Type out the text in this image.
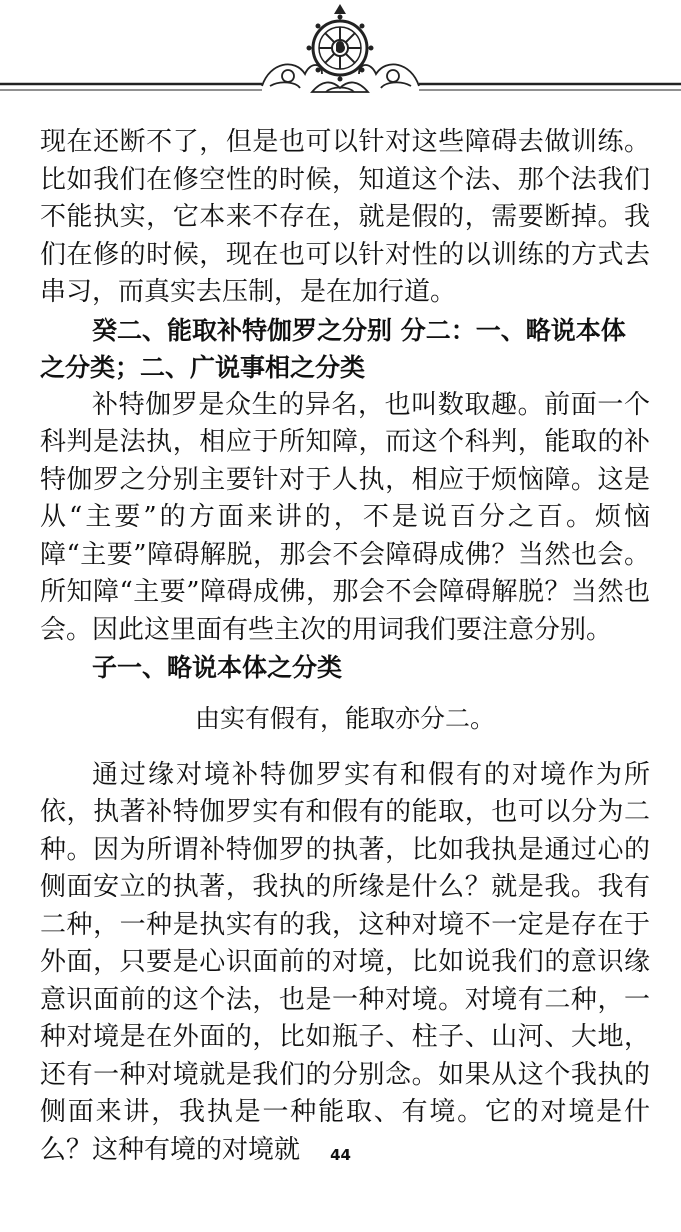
现在还断不了，但是也可以针对这些障碍去做训练。比如我们在修空性的时候，知道这个法、那个法我们不能执实，它本来不存在，就是假的，需要断掉。我们在修的时候，现在也可以针对性的以训练的方式去串习，而真实去压制，是在加行道。

癸二、能取补特伽罗之分别 分二：一、略说本体之分类；二、广说事相之分类

补特伽罗是众生的异名，也叫数取趣。前面一个科判是法执，相应于所知障，而这个科判，能取的补特伽罗之分别主要针对于人执，相应于烦恼障。这是从“主要”的方面来讲的，不是说百分之百。烦恼障“主要”障碍解脱，那会不会障碍成佛？当然也会。所知障“主要”障碍成佛，那会不会障碍解脱？当然也会。因此这里面有些主次的用词我们要注意分别。

子一、略说本体之分类

由实有假有，能取亦分二。

通过缘对境补特伽罗实有和假有的对境作为所依，执著补特伽罗实有和假有的能取，也可以分为二种。因为所谓补特伽罗的执著，比如我执是通过心的侧面安立的执著，我执的所缘是什么？就是我。我有二种，一种是执实有的我，这种对境不一定是存在于外面，只要是心识面前的对境，比如说我们的意识缘意识面前的这个法，也是一种对境。对境有二种，一种对境是在外面的，比如瓶子、柱子、山河、大地，还有一种对境就是我们的分别念。如果从这个我执的侧面来讲，我执是一种能取、有境。它的对境是什么？这种有境的对境就	44
